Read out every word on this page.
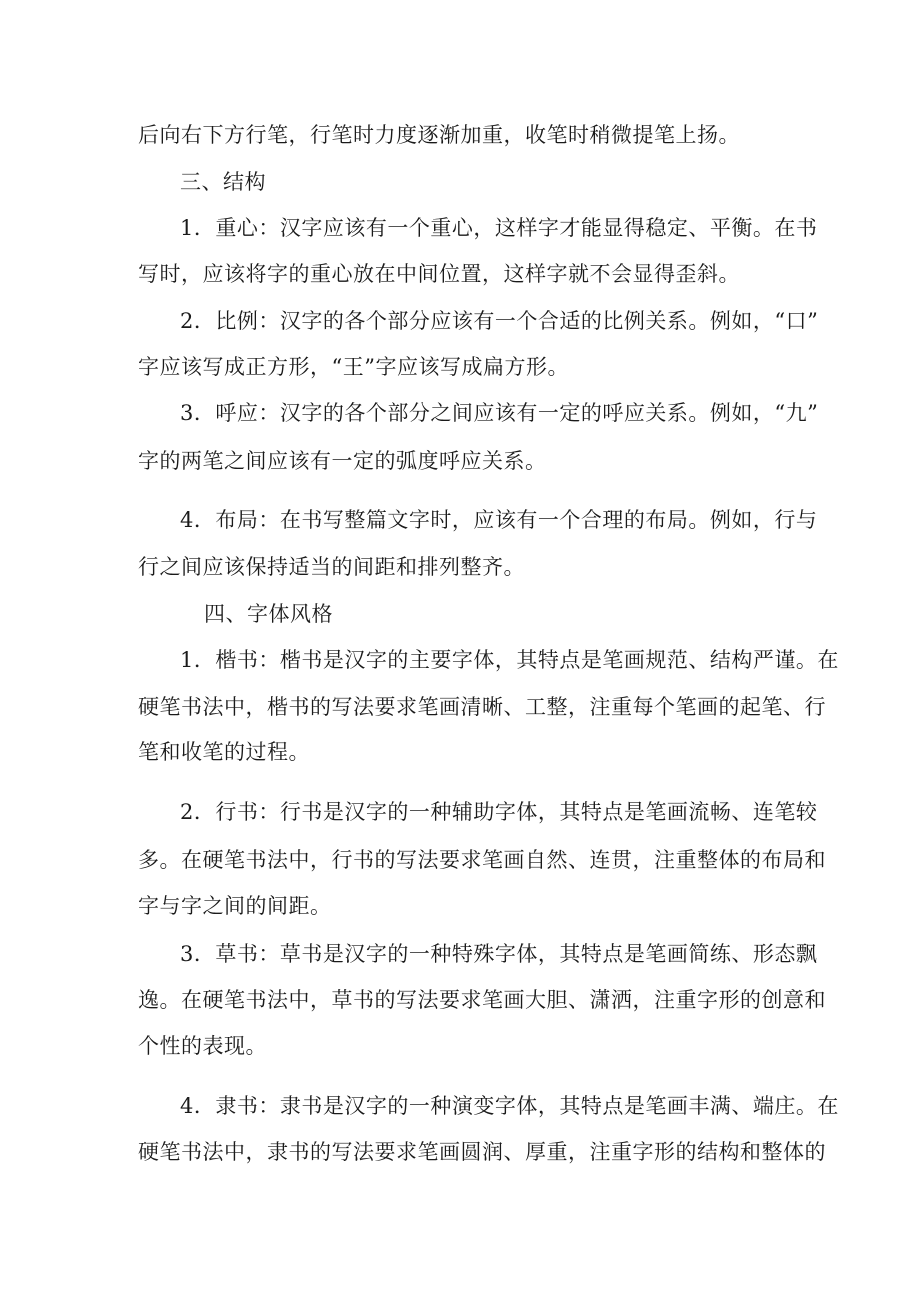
后向右下方行笔，行笔时力度逐渐加重，收笔时稍微提笔上扬。
三、结构
1．重心：汉字应该有一个重心，这样字才能显得稳定、平衡。在书
写时，应该将字的重心放在中间位置，这样字就不会显得歪斜。
2．比例：汉字的各个部分应该有一个合适的比例关系。例如，“口”
字应该写成正方形，“王”字应该写成扁方形。
3．呼应：汉字的各个部分之间应该有一定的呼应关系。例如，“九”
字的两笔之间应该有一定的弧度呼应关系。
4．布局：在书写整篇文字时，应该有一个合理的布局。例如，行与
行之间应该保持适当的间距和排列整齐。
四、字体风格
1．楷书：楷书是汉字的主要字体，其特点是笔画规范、结构严谨。在
硬笔书法中，楷书的写法要求笔画清晰、工整，注重每个笔画的起笔、行
笔和收笔的过程。
2．行书：行书是汉字的一种辅助字体，其特点是笔画流畅、连笔较
多。在硬笔书法中，行书的写法要求笔画自然、连贯，注重整体的布局和
字与字之间的间距。
3．草书：草书是汉字的一种特殊字体，其特点是笔画简练、形态飘
逸。在硬笔书法中，草书的写法要求笔画大胆、潇洒，注重字形的创意和
个性的表现。
4．隶书：隶书是汉字的一种演变字体，其特点是笔画丰满、端庄。在
硬笔书法中，隶书的写法要求笔画圆润、厚重，注重字形的结构和整体的
